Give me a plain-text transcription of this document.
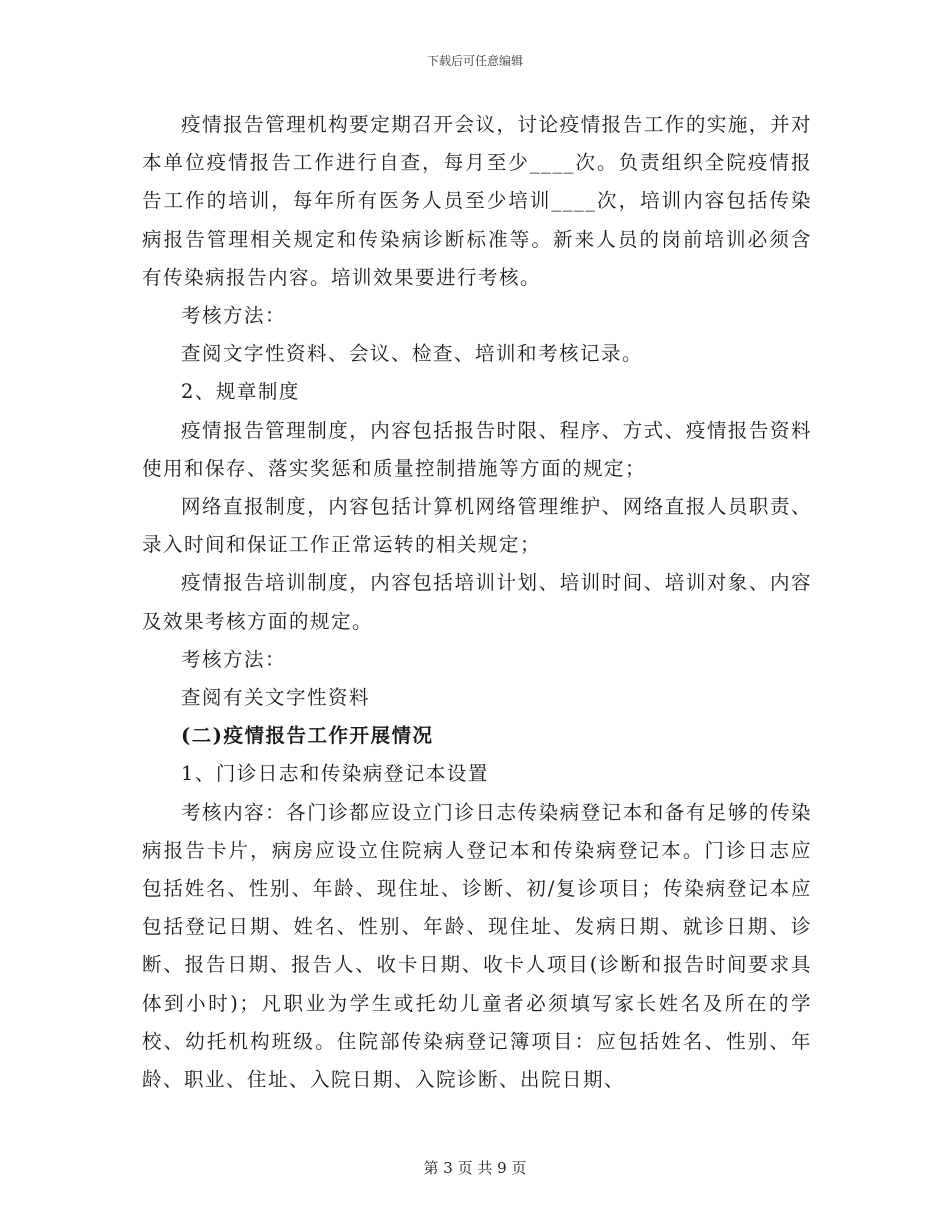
下载后可任意编辑

疫情报告管理机构要定期召开会议，讨论疫情报告工作的实施，并对本单位疫情报告工作进行自查，每月至少____次。负责组织全院疫情报告工作的培训，每年所有医务人员至少培训____次，培训内容包括传染病报告管理相关规定和传染病诊断标准等。新来人员的岗前培训必须含有传染病报告内容。培训效果要进行考核。

考核方法：

查阅文字性资料、会议、检查、培训和考核记录。

2、规章制度

疫情报告管理制度，内容包括报告时限、程序、方式、疫情报告资料使用和保存、落实奖惩和质量控制措施等方面的规定；

网络直报制度，内容包括计算机网络管理维护、网络直报人员职责、录入时间和保证工作正常运转的相关规定；

疫情报告培训制度，内容包括培训计划、培训时间、培训对象、内容及效果考核方面的规定。

考核方法：

查阅有关文字性资料

(二)疫情报告工作开展情况

1、门诊日志和传染病登记本设置

考核内容：各门诊都应设立门诊日志传染病登记本和备有足够的传染病报告卡片，病房应设立住院病人登记本和传染病登记本。门诊日志应包括姓名、性别、年龄、现住址、诊断、初/复诊项目；传染病登记本应包括登记日期、姓名、性别、年龄、现住址、发病日期、就诊日期、诊断、报告日期、报告人、收卡日期、收卡人项目(诊断和报告时间要求具体到小时)；凡职业为学生或托幼儿童者必须填写家长姓名及所在的学校、幼托机构班级。住院部传染病登记簿项目：应包括姓名、性别、年龄、职业、住址、入院日期、入院诊断、出院日期、

第 3 页 共 9 页
